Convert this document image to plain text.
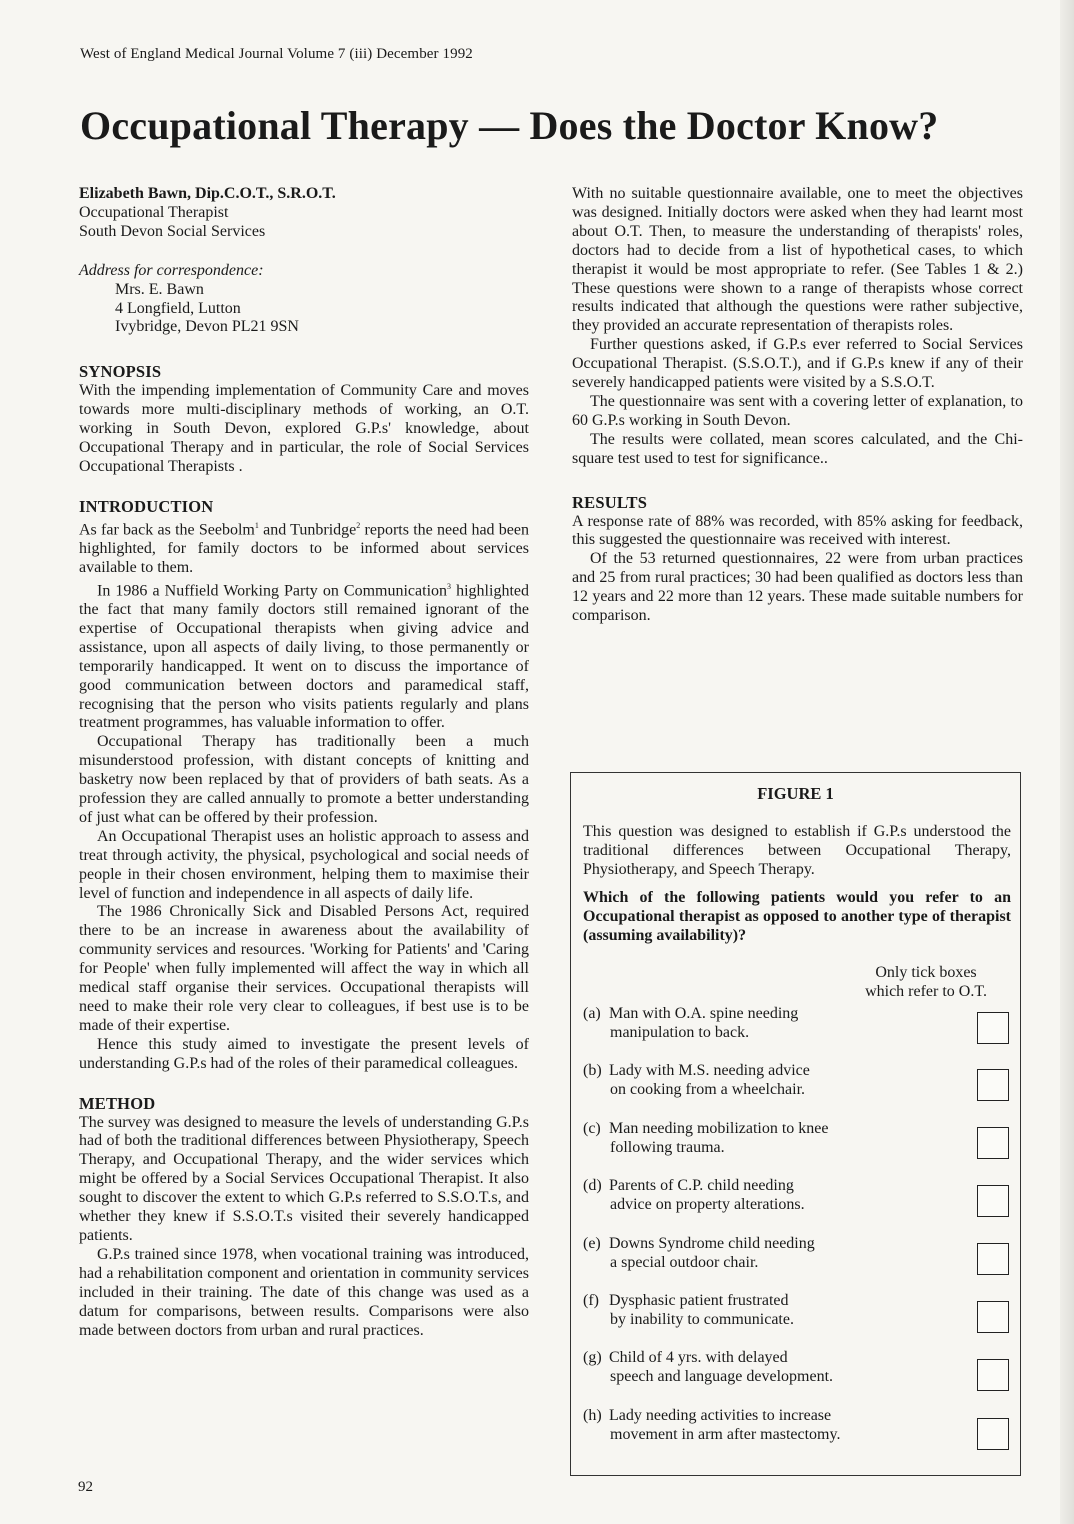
West of England Medical Journal Volume 7 (iii) December 1992
Occupational Therapy — Does the Doctor Know?
Elizabeth Bawn, Dip.C.O.T., S.R.O.T.
Occupational Therapist
South Devon Social Services
Address for correspondence:
Mrs. E. Bawn
4 Longfield, Lutton
Ivybridge, Devon PL21 9SN
SYNOPSIS

With the impending implementation of Community Care and moves towards more multi-disciplinary methods of working, an O.T. working in South Devon, explored G.P.s' knowledge, about Occupational Therapy and in particular, the role of Social Services Occupational Therapists .

INTRODUCTION

As far back as the Seebolm$^1$ and Tunbridge$^2$ reports the need had been highlighted, for family doctors to be informed about services available to them.

In 1986 a Nuffield Working Party on Communication$^3$ highlighted the fact that many family doctors still remained ignorant of the expertise of Occupational therapists when giving advice and assistance, upon all aspects of daily living, to those permanently or temporarily handicapped. It went on to discuss the importance of good communication between doctors and paramedical staff, recognising that the person who visits patients regularly and plans treatment programmes, has valuable information to offer.

Occupational Therapy has traditionally been a much misunderstood profession, with distant concepts of knitting and basketry now been replaced by that of providers of bath seats. As a profession they are called annually to promote a better understanding of just what can be offered by their profession.

An Occupational Therapist uses an holistic approach to assess and treat through activity, the physical, psychological and social needs of people in their chosen environment, helping them to maximise their level of function and independence in all aspects of daily life.

The 1986 Chronically Sick and Disabled Persons Act, required there to be an increase in awareness about the availability of community services and resources. 'Working for Patients' and 'Caring for People' when fully implemented will affect the way in which all medical staff organise their services. Occupational therapists will need to make their role very clear to colleagues, if best use is to be made of their expertise.

Hence this study aimed to investigate the present levels of understanding G.P.s had of the roles of their paramedical colleagues.

METHOD

The survey was designed to measure the levels of understanding G.P.s had of both the traditional differences between Physiotherapy, Speech Therapy, and Occupational Therapy, and the wider services which might be offered by a Social Services Occupational Therapist. It also sought to discover the extent to which G.P.s referred to S.S.O.T.s, and whether they knew if S.S.O.T.s visited their severely handicapped patients.

G.P.s trained since 1978, when vocational training was introduced, had a rehabilitation component and orientation in community services included in their training. The date of this change was used as a datum for comparisons, between results. Comparisons were also made between doctors from urban and rural practices.

With no suitable questionnaire available, one to meet the objectives was designed. Initially doctors were asked when they had learnt most about O.T. Then, to measure the understanding of therapists' roles, doctors had to decide from a list of hypothetical cases, to which therapist it would be most appropriate to refer. (See Tables 1 & 2.) These questions were shown to a range of therapists whose correct results indicated that although the questions were rather subjective, they provided an accurate representation of therapists roles.

Further questions asked, if G.P.s ever referred to Social Services Occupational Therapist. (S.S.O.T.), and if G.P.s knew if any of their severely handicapped patients were visited by a S.S.O.T.

The questionnaire was sent with a covering letter of explanation, to 60 G.P.s working in South Devon.

The results were collated, mean scores calculated, and the Chi- square test used to test for significance..

RESULTS

A response rate of 88% was recorded, with 85% asking for feedback, this suggested the questionnaire was received with interest.

Of the 53 returned questionnaires, 22 were from urban practices and 25 from rural practices; 30 had been qualified as doctors less than 12 years and 22 more than 12 years. These made suitable numbers for comparison.

FIGURE 1

This question was designed to establish if G.P.s understood the traditional differences between Occupational Therapy, Physiotherapy, and Speech Therapy.

Which of the following patients would you refer to an Occupational therapist as opposed to another type of therapist (assuming availability)?

Only tick boxes
which refer to O.T.
(a) Man with O.A. spine needing
manipulation to back.
(b) Lady with M.S. needing advice
on cooking from a wheelchair.
(c) Man needing mobilization to knee
following trauma.
(d) Parents of C.P. child needing
advice on property alterations.
(e) Downs Syndrome child needing
a special outdoor chair.
(f) Dysphasic patient frustrated
by inability to communicate.
(g) Child of 4 yrs. with delayed
speech and language development.
(h) Lady needing activities to increase
movement in arm after mastectomy.
92
